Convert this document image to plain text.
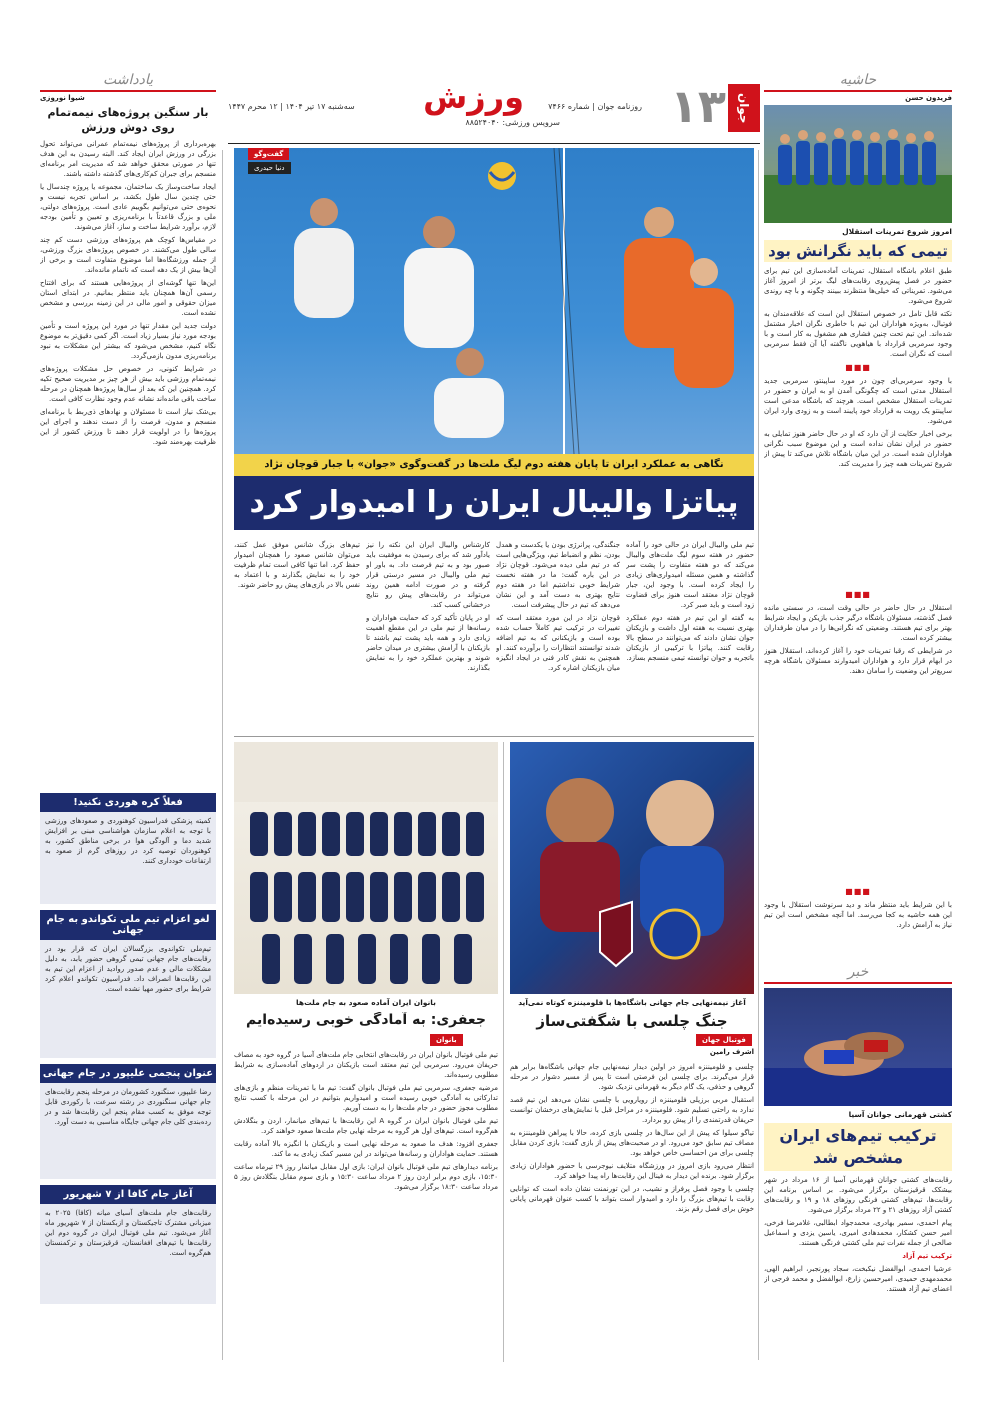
۱۳ جوان
ورزش
سه‌شنبه ۱۷ تیر ۱۴۰۴ | ۱۲ محرم ۱۴۴۷	روزنامه جوان | شماره ۷۴۶۶
سرویس ورزشی: ۸۸۵۲۴۰۴۰
حاشیه
فریدون حسن
امروز شروع تمرینات استقلال
تیمی که باید نگرانش بود

طبق اعلام باشگاه استقلال، تمرینات آماده‌سازی این تیم برای حضور در فصل پیش‌روی رقابت‌های لیگ برتر از امروز آغاز می‌شود. تمریناتی که خیلی‌ها منتظرند ببینند چگونه و با چه روندی شروع می‌شود.

نکته قابل تامل در خصوص استقلال این است که علاقه‌مندان به فوتبال، به‌ویژه هواداران این تیم با خاطری نگران اخبار مشتمل شده‌اند. این تیم تحت چنین فشاری هم مشغول به کار است و با وجود سرمربی قرارداد با هیاهویی ناگفته آیا آن فقط سرمربی است که نگران است.

■■■

با وجود سرمربی‌ای چون در مورد ساپینتو، سرمربی جدید استقلال مدتی است که چگونگی آمدن او به ایران و حضور در تمرینات استقلال مشخص است. هرچند که باشگاه مدعی است ساپینتو یک رویت به قرارداد خود پایبند است و به زودی وارد ایران می‌شود.

برخی اخبار حکایت از آن دارد که او در حال حاضر هنوز تمایلی به حضور در ایران نشان نداده است و این موضوع سبب نگرانی هواداران شده است. در این میان باشگاه تلاش می‌کند تا پیش از شروع تمرینات همه چیز را مدیریت کند.

■■■

استقلال در حال حاضر در حالی وقت است، در سستی مانده فصل گذشته، مسئولان باشگاه درگیر جذب بازیکن و ایجاد شرایط بهتر برای تیم هستند. وضعیتی که نگرانی‌ها را در میان طرفداران بیشتر کرده است.

در شرایطی که رقبا تمرینات خود را آغاز کرده‌اند، استقلال هنوز در ابهام قرار دارد و هواداران امیدوارند مسئولان باشگاه هرچه سریع‌تر این وضعیت را سامان دهند.

■■■

با این شرایط باید منتظر ماند و دید سرنوشت استقلال با وجود این همه حاشیه به کجا می‌رسد. اما آنچه مشخص است این تیم نیاز به آرامش دارد.

خبر
کشتی قهرمانی جوانان آسیا
ترکیب تیم‌های ایران مشخص شد

رقابت‌های کشتی جوانان قهرمانی آسیا از ۱۶ مرداد در شهر بیشکک قرقیزستان برگزار می‌شود. بر اساس برنامه این رقابت‌ها، تیم‌های کشتی فرنگی روزهای ۱۸ و ۱۹ و رقابت‌های کشتی آزاد روزهای ۲۱ و ۲۲ مرداد برگزار می‌شود.

پیام احمدی، سمیر بهادری، محمدجواد ابطالبی، غلامرضا فرخی، امیر حسن کشکار، محمدهادی امیری، یاسین یزدی و اسماعیل صالحی از جمله نفرات تیم ملی کشتی فرنگی هستند.

ترکیب تیم آزاد

عرشیا احمدی، ابوالفضل نیکبخت، سجاد پورنجبر، ابراهیم الهی، محمدمهدی حمیدی، امیرحسین زارع، ابوالفضل و محمد فرجی از اعضای تیم آزاد هستند.

یادداشت
شیوا نوروزی
بار سنگین پروژه‌های نیمه‌تمام روی دوش ورزش

بهره‌برداری از پروژه‌های نیمه‌تمام عمرانی می‌تواند تحول بزرگی در ورزش ایران ایجاد کند. البته رسیدن به این هدف تنها در صورتی محقق خواهد شد که مدیریت امر برنامه‌ای منسجم برای جبران کم‌کاری‌های گذشته داشته باشند.

ایجاد ساخت‌وساز یک ساختمان، مجموعه یا پروژه چندسال یا حتی چندین سال طول بکشد، بر اساس تجربه نیست و نحوه‌ی حتی می‌توانیم بگوییم عادی است. پروژه‌های دولتی، ملی و بزرگ قاعدتاً با برنامه‌ریزی و تعیین و تأمین بودجه لازم، برآورد شرایط ساخت و ساز، آغاز می‌شوند.

در مقیاس‌ها کوچک هم پروژه‌های ورزشی دست کم چند سالی طول می‌کشند. در خصوص پروژه‌های بزرگ ورزشی، از جمله ورزشگاه‌ها اما موضوع متفاوت است و برخی از آن‌ها بیش از یک دهه است که ناتمام مانده‌اند.

این‌ها تنها گوشه‌ای از پروژه‌هایی هستند که برای افتتاح رسمی آن‌ها همچنان باید منتظر بمانیم. در ابتدای استان میزان حقوقی و امور مالی در این زمینه بررسی و مشخص نشده است.

دولت جدید این مقدار تنها در مورد این پروژه است و تأمین بودجه مورد نیاز بسیار زیاد است. اگر کمی دقیق‌تر به موضوع نگاه کنیم، مشخص می‌شود که بیشتر این مشکلات به نبود برنامه‌ریزی مدون بازمی‌گردد.

در شرایط کنونی، در خصوص حل مشکلات پروژه‌های نیمه‌تمام ورزشی باید بیش از هر چیز بر مدیریت صحیح تکیه کرد. همچنین این که بعد از سال‌ها پروژه‌ها همچنان در مرحله ساخت باقی مانده‌اند نشانه عدم وجود نظارت کافی است.

بی‌شک نیاز است تا مسئولان و نهادهای ذی‌ربط با برنامه‌ای منسجم و مدون، فرصت را از دست ندهند و اجرای این پروژه‌ها را در اولویت قرار دهند تا ورزش کشور از این ظرفیت بهره‌مند شود.

فعلاً کره هوردی نکنید!
کمیته پزشکی فدراسیون کوهنوردی و صعودهای ورزشی با توجه به اعلام سازمان هواشناسی مبنی بر افزایش شدید دما و آلودگی هوا در برخی مناطق کشور، به کوهنوردان توصیه کرد در روزهای گرم از صعود به ارتفاعات خودداری کنند.
لغو اعزام تیم ملی تکواندو به جام جهانی
تیم‌ملی تکواندوی بزرگسالان ایران که قرار بود در رقابت‌های جام جهانی تیمی گروهی حضور یابد، به دلیل مشکلات مالی و عدم صدور روادید از اعزام این تیم به این رقابت‌ها انصراف داد. فدراسیون تکواندو اعلام کرد شرایط برای حضور مهیا نشده است.
عنوان پنجمی علیپور در جام جهانی
رضا علیپور، سنگنورد کشورمان در مرحله پنجم رقابت‌های جام جهانی سنگنوردی در رشته سرعت، با رکوردی قابل توجه موفق به کسب مقام پنجم این رقابت‌ها شد و در رده‌بندی کلی جام جهانی جایگاه مناسبی به دست آورد.
آغاز جام کافا از ۷ شهریور
رقابت‌های جام ملت‌های آسیای میانه (کافا) ۲۰۲۵ به میزبانی مشترک تاجیکستان و ازبکستان از ۷ شهریور ماه آغاز می‌شود. تیم ملی فوتبال ایران در گروه دوم این رقابت‌ها با تیم‌های افغانستان، قرقیزستان و ترکمنستان هم‌گروه است.
گفت‌وگو
دنیا حیدری
نگاهی به عملکرد ایران تا پایان هفته دوم لیگ ملت‌ها در گفت‌وگوی «جوان» با جبار قوچان نژاد
پیاتزا والیبال ایران را امیدوار کرد

تیم ملی والیبال ایران در حالی خود را آماده حضور در هفته سوم لیگ ملت‌های والیبال می‌کند که دو هفته متفاوت را پشت سر گذاشته و همین مسئله امیدواری‌های زیادی را ایجاد کرده است. با وجود این، جبار قوچان نژاد معتقد است هنوز برای قضاوت زود است و باید صبر کرد.

به گفته او این تیم در هفته دوم عملکرد بهتری نسبت به هفته اول داشت و بازیکنان جوان نشان دادند که می‌توانند در سطح بالا رقابت کنند. پیاتزا با ترکیبی از بازیکنان باتجربه و جوان توانسته تیمی منسجم بسازد.

جنگندگی، پرانرژی بودن یا یکدست و همدل بودن، نظم و انضباط تیم، ویژگی‌هایی است که در تیم ملی دیده می‌شود. قوچان نژاد در این باره گفت: ما در هفته نخست شرایط خوبی نداشتیم اما در هفته دوم نتایج بهتری به دست آمد و این نشان می‌دهد که تیم در حال پیشرفت است.

قوچان نژاد در این مورد معتقد است که تغییرات در ترکیب تیم کاملاً حساب شده بوده است و بازیکنانی که به تیم اضافه شدند توانستند انتظارات را برآورده کنند. او همچنین به نقش کادر فنی در ایجاد انگیزه میان بازیکنان اشاره کرد.

کارشناس والیبال ایران این نکته را نیز یادآور شد که برای رسیدن به موفقیت باید صبور بود و به تیم فرصت داد. به باور او تیم ملی والیبال در مسیر درستی قرار گرفته و در صورت ادامه همین روند می‌تواند در رقابت‌های پیش رو نتایج درخشانی کسب کند.

او در پایان تأکید کرد که حمایت هواداران و رسانه‌ها از تیم ملی در این مقطع اهمیت زیادی دارد و همه باید پشت تیم باشند تا بازیکنان با آرامش بیشتری در میدان حاضر شوند و بهترین عملکرد خود را به نمایش بگذارند.

تیم‌های بزرگ شانس موفق عمل کنند، می‌توان شانس صعود را همچنان امیدوار حفظ کرد. اما تنها کافی است تمام ظرفیت خود را به نمایش بگذارند و با اعتماد به نفس بالا در بازی‌های پیش رو حاضر شوند.

آغاز نیمه‌نهایی جام جهانی باشگاه‌ها با فلومیننزه کوتاه نمی‌آید
جنگ چلسی با شگفتی‌ساز
فوتبال جهان
اشرف رامین

چلسی و فلومیننزه امروز در اولین دیدار نیمه‌نهایی جام جهانی باشگاه‌ها برابر هم قرار می‌گیرند. برای چلسی این فرصتی است تا پس از مسیر دشوار در مرحله گروهی و حذفی، یک گام دیگر به قهرمانی نزدیک شود.

استقبال مربی برزیلی فلومیننزه از رویارویی با چلسی نشان می‌دهد این تیم قصد ندارد به راحتی تسلیم شود. فلومیننزه در مراحل قبل با نمایش‌های درخشان توانست حریفان قدرتمندی را از پیش رو بردارد.

تیاگو سیلوا که پیش از این سال‌ها در چلسی بازی کرده، حالا با پیراهن فلومیننزه به مصاف تیم سابق خود می‌رود. او در صحبت‌های پیش از بازی گفت: بازی کردن مقابل چلسی برای من احساسی خاص خواهد بود.

انتظار می‌رود بازی امروز در ورزشگاه متلایف نیوجرسی با حضور هواداران زیادی برگزار شود. برنده این دیدار به فینال این رقابت‌ها راه پیدا خواهد کرد.

چلسی با وجود فصل پرفراز و نشیب، در این تورنمنت نشان داده است که توانایی رقابت با تیم‌های بزرگ را دارد و امیدوار است بتواند با کسب عنوان قهرمانی پایانی خوش برای فصل رقم بزند.

بانوان ایران آماده صعود به جام ملت‌ها
جعفری: به آمادگی خوبی رسیده‌ایم
بانوان

تیم ملی فوتبال بانوان ایران در رقابت‌های انتخابی جام ملت‌های آسیا در گروه خود به مصاف حریفان می‌رود. سرمربی این تیم معتقد است بازیکنان در اردوهای آماده‌سازی به شرایط مطلوبی رسیده‌اند.

مرضیه جعفری، سرمربی تیم ملی فوتبال بانوان گفت: تیم ما با تمرینات منظم و بازی‌های تدارکاتی به آمادگی خوبی رسیده است و امیدواریم بتوانیم در این مرحله با کسب نتایج مطلوب مجوز حضور در جام ملت‌ها را به دست آوریم.

تیم ملی فوتبال بانوان ایران در گروه A این رقابت‌ها با تیم‌های میانمار، اردن و بنگلادش هم‌گروه است. تیم‌های اول هر گروه به مرحله نهایی جام ملت‌ها صعود خواهند کرد.

جعفری افزود: هدف ما صعود به مرحله نهایی است و بازیکنان با انگیزه بالا آماده رقابت هستند. حمایت هواداران و رسانه‌ها می‌تواند در این مسیر کمک زیادی به ما کند.

برنامه دیدارهای تیم ملی فوتبال بانوان ایران: بازی اول مقابل میانمار روز ۲۹ تیرماه ساعت ۱۵:۳۰، بازی دوم برابر اردن روز ۲ مرداد ساعت ۱۵:۳۰ و بازی سوم مقابل بنگلادش روز ۵ مرداد ساعت ۱۸:۳۰ برگزار می‌شود.
